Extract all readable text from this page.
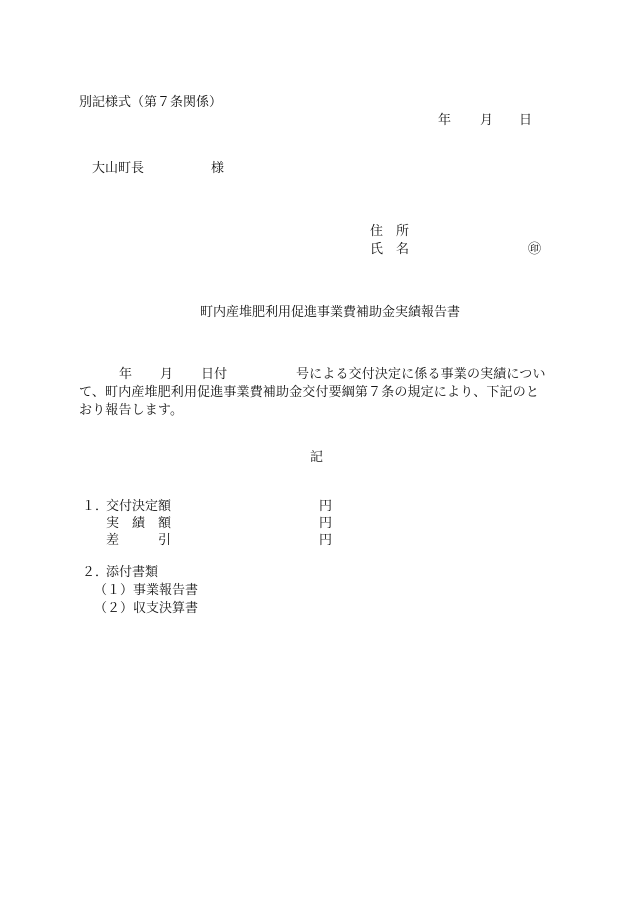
別記様式（第７条関係）
年 月 日
大山町長	様
住　所
氏　名	㊞
町内産堆肥利用促進事業費補助金実績報告書
年 月 日付	号による交付決定に係る事業の実績につい
て、町内産堆肥利用促進事業費補助金交付要綱第７条の規定により、下記のと
おり報告します。
記
１．
交付決定額	円
実　績　額	円
差　　　引	円
２．
添付書類
（１）事業報告書
（２）収支決算書
